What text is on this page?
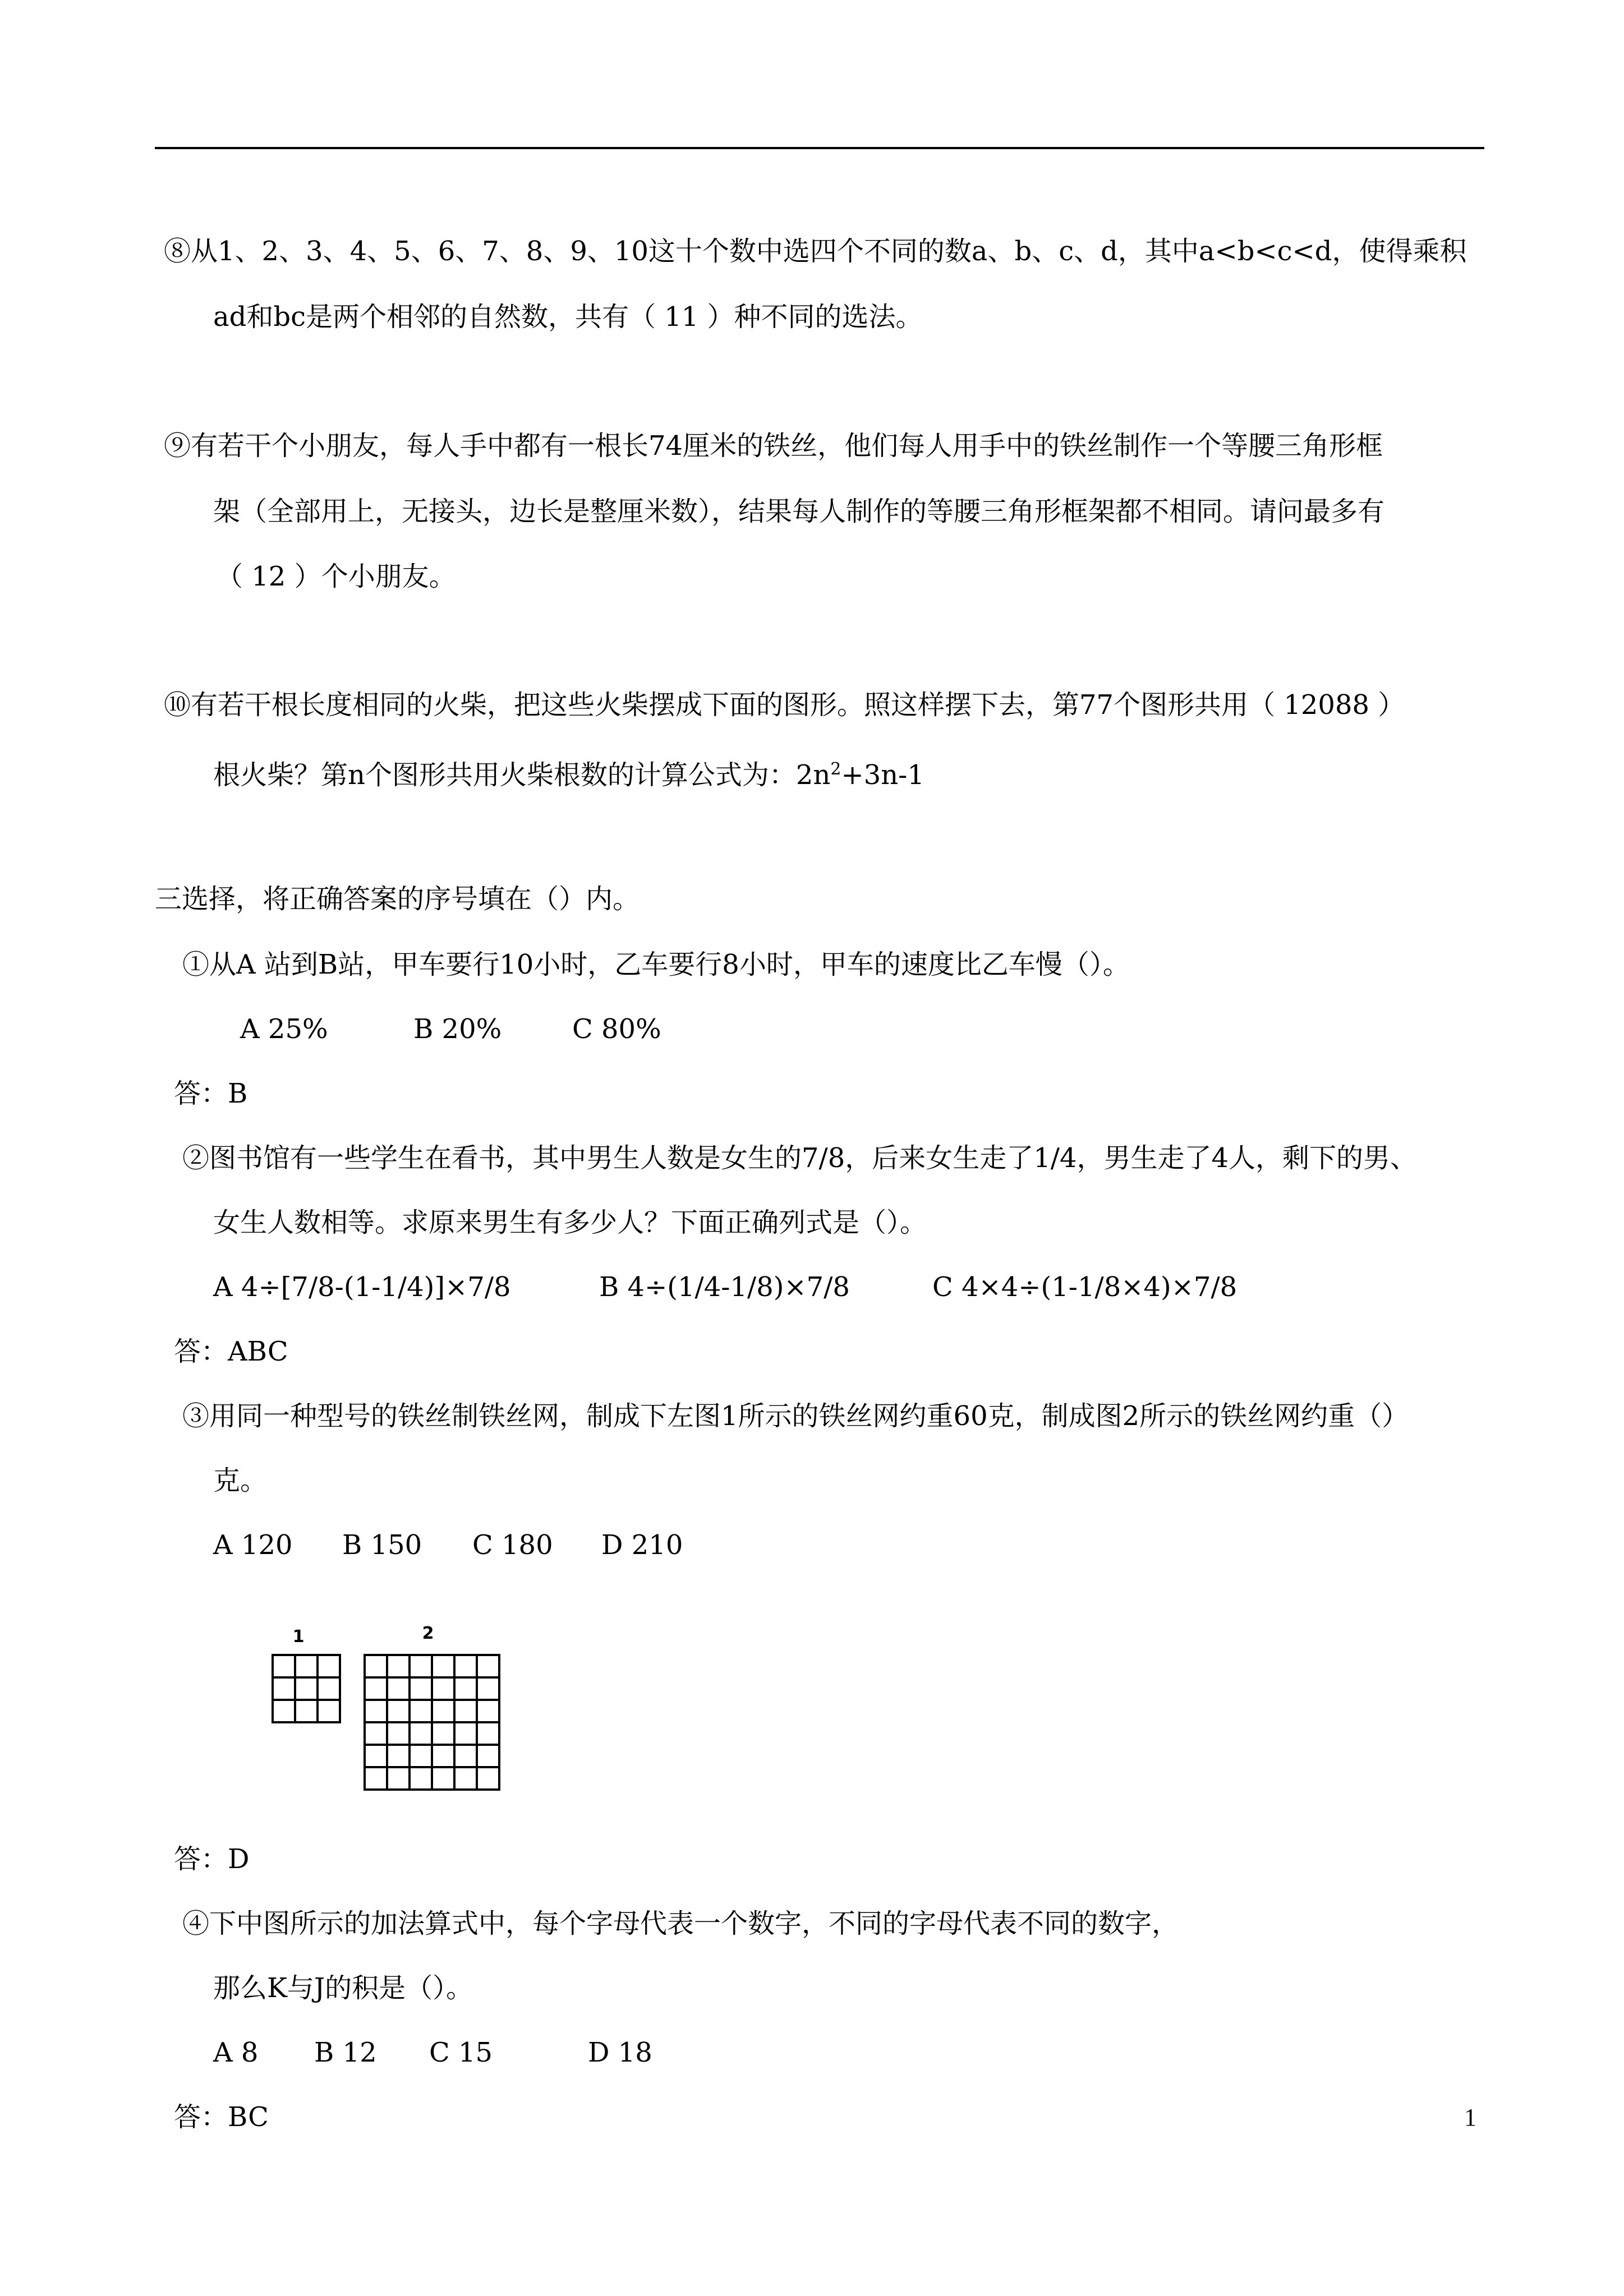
⑧从1、2、3、4、5、6、7、8、9、10这十个数中选四个不同的数a、b、c、d，其中a<b<c<d，使得乘积
ad和bc是两个相邻的自然数，共有（ 11 ）种不同的选法。
⑨有若干个小朋友，每人手中都有一根长74厘米的铁丝，他们每人用手中的铁丝制作一个等腰三角形框
架（全部用上，无接头，边长是整厘米数），结果每人制作的等腰三角形框架都不相同。请问最多有
（ 12 ）个小朋友。
⑩有若干根长度相同的火柴，把这些火柴摆成下面的图形。照这样摆下去，第77个图形共用（ 12088 ）
根火柴？第n个图形共用火柴根数的计算公式为：$2n^2+3n-1$
三选择，将正确答案的序号填在（）内。
①从A 站到B站，甲车要行10小时，乙车要行8小时，甲车的速度比乙车慢（）。
A 25%	B 20%	C 80%
答：B
②图书馆有一些学生在看书，其中男生人数是女生的7/8，后来女生走了1/4，男生走了4人，剩下的男、
女生人数相等。求原来男生有多少人？下面正确列式是（）。
A 4÷[7/8-(1-1/4)]×7/8	B 4÷(1/4-1/8)×7/8	C 4×4÷(1-1/8×4)×7/8
答：ABC
③用同一种型号的铁丝制铁丝网，制成下左图1所示的铁丝网约重60克，制成图2所示的铁丝网约重（）
克。
A 120 B 150 C 180 D 210
1	2
答：D
④下中图所示的加法算式中，每个字母代表一个数字，不同的字母代表不同的数字，
那么K与J的积是（）。
A 8 B 12 C 15	D 18
答：BC	1
